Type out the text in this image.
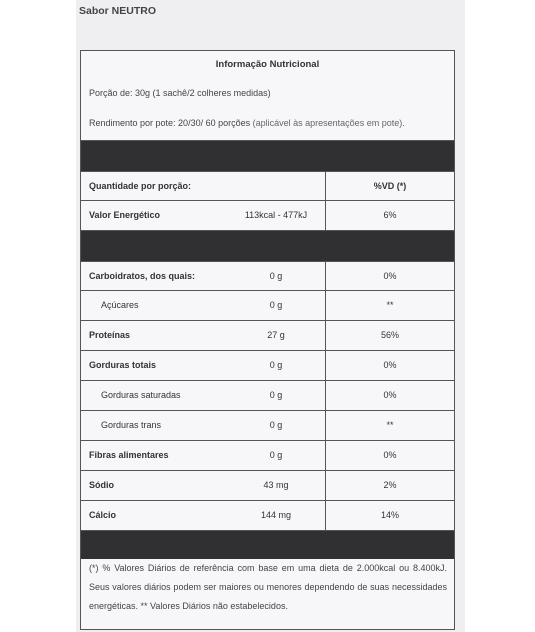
Sabor NEUTRO
Informação Nutricional
Porção de: 30g (1 sachê/2 colheres medidas)
Rendimento por pote: 20/30/ 60 porções (aplicável às apresentações em pote).
Quantidade por porção:	%VD (*)
Valor Energético	113kcal - 477kJ	6%
Carboidratos, dos quais:	0 g	0%
Açúcares	0 g	**
Proteínas	27 g	56%
Gorduras totais	0 g	0%
Gorduras saturadas	0 g	0%
Gorduras trans	0 g	**
Fibras alimentares	0 g	0%
Sódio	43 mg	2%
Cálcio	144 mg	14%
(*) % Valores Diários de referência com base em uma dieta de 2.000kcal ou 8.400kJ. Seus valores diários podem ser maiores ou menores dependendo de suas necessidades energéticas. ** Valores Diários não estabelecidos.
